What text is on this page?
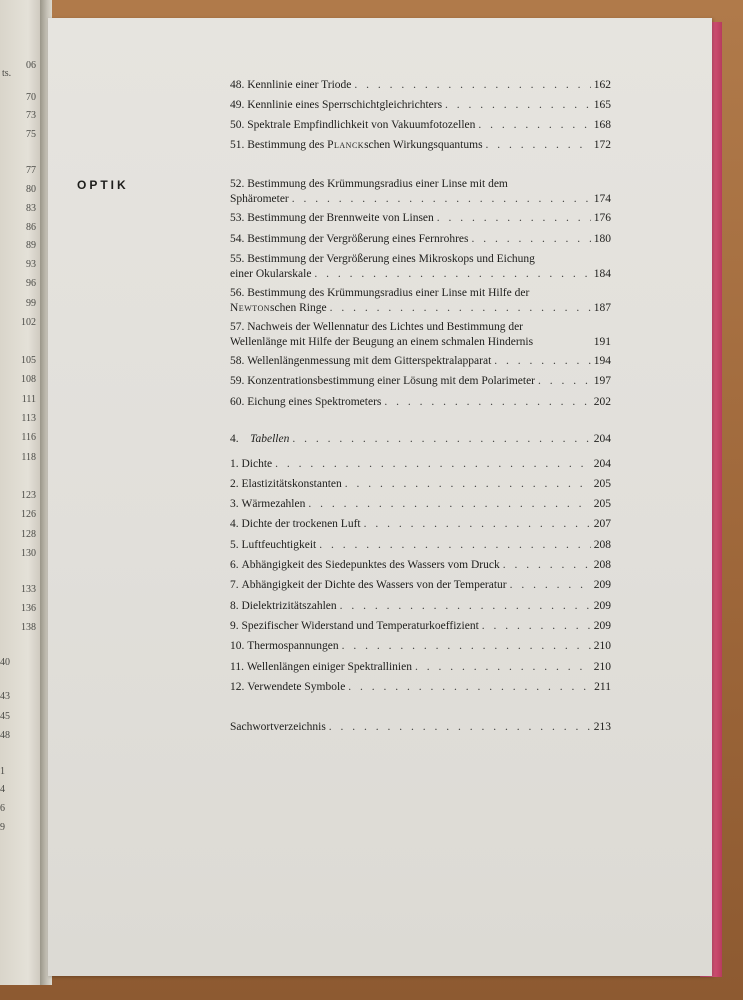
06
ts.
70
73
75
77
80
83
86
89
93
96
99
102
105
108
111
113
116
118
123
126
128
130
133
136
138
40
43
45
48
1
4
6
9
OPTIK
48.
Kennlinie einer Triode . . .	162
49.
Kennlinie eines Sperrschichtgleichrichters . . .	165
50.
Spektrale Empfindlichkeit von Vakuumfotozellen . . .	168
51.
Bestimmung des Planckschen Wirkungsquantums . . .	172
52. Bestimmung des Krümmungsradius einer Linse mit dem
Sphärometer . . .	174
53.
Bestimmung der Brennweite von Linsen . . .	176
54.
Bestimmung der Vergrößerung eines Fernrohres . . .	180
55. Bestimmung der Vergrößerung eines Mikroskops und Eichung
einer Okularskale . . .	184
56. Bestimmung des Krümmungsradius einer Linse mit Hilfe der
Newtonschen Ringe . . .	187
57. Nachweis der Wellennatur des Lichtes und Bestimmung der
Wellenlänge mit Hilfe der Beugung an einem schmalen Hindernis
	191
58.
Wellenlängenmessung mit dem Gitterspektralapparat . . .	194
59.
Konzentrationsbestimmung einer Lösung mit dem Polarimeter . . .	197
60.
Eichung eines Spektrometers . . .	202
4.
Tabellen . . .	204
1.
Dichte . . .	204
2.
Elastizitätskonstanten . . .	205
3.
Wärmezahlen . . .	205
4.
Dichte der trockenen Luft . . .	207
5.
Luftfeuchtigkeit . . .	208
6.
Abhängigkeit des Siedepunktes des Wassers vom Druck . . .	208
7.
Abhängigkeit der Dichte des Wassers von der Temperatur . . .	209
8.
Dielektrizitätszahlen . . .	209
9.
Spezifischer Widerstand und Temperaturkoeffizient . . .	209
10.
Thermospannungen . . .	210
11.
Wellenlängen einiger Spektrallinien . . .	210
12.
Verwendete Symbole . . .	211
Sachwortverzeichnis . . .	213
